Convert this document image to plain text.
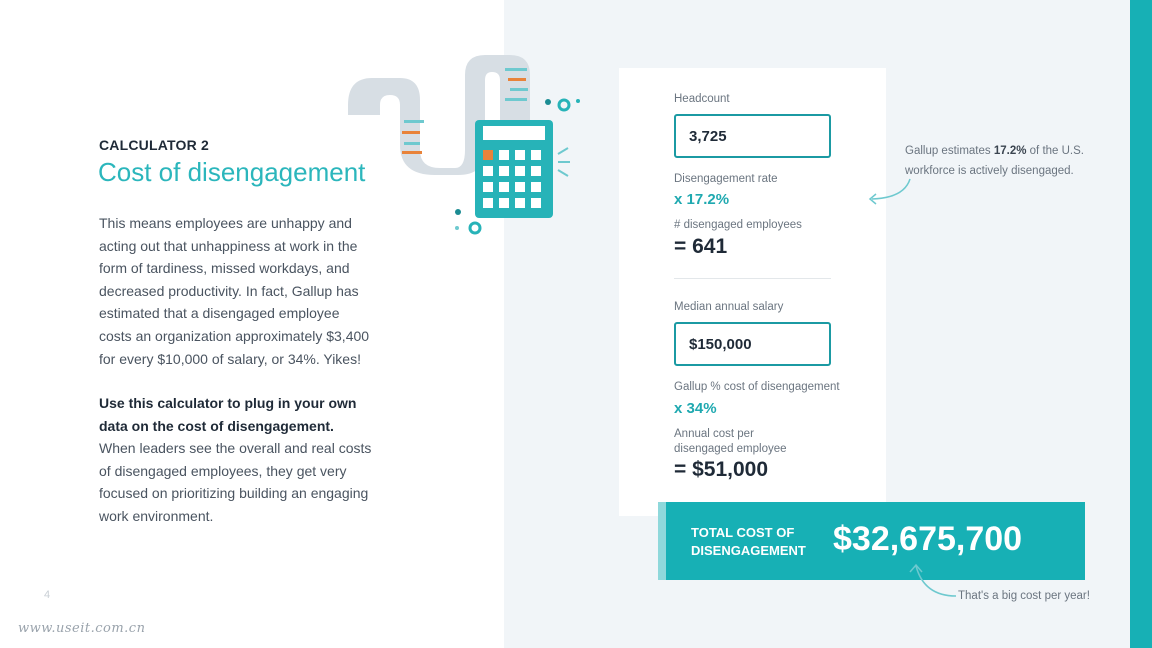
CALCULATOR 2
Cost of disengagement
This means employees are unhappy and acting out that unhappiness at work in the form of tardiness, missed workdays, and decreased productivity. In fact, Gallup has estimated that a disengaged employee costs an organization approximately $3,400 for every $10,000 of salary, or 34%. Yikes!
Use this calculator to plug in your own data on the cost of disengagement.
When leaders see the overall and real costs of disengaged employees, they get very focused on prioritizing building an engaging work environment.
4
www.useit.com.cn
Headcount
3,725
Disengagement rate
x 17.2%
# disengaged employees
= 641
Median annual salary
$150,000
Gallup % cost of disengagement
x 34%
Annual cost per
disengaged employee
= $51,000
Gallup estimates 17.2% of the U.S. workforce is actively disengaged.
TOTAL COST OF DISENGAGEMENT $32,675,700
That's a big cost per year!
